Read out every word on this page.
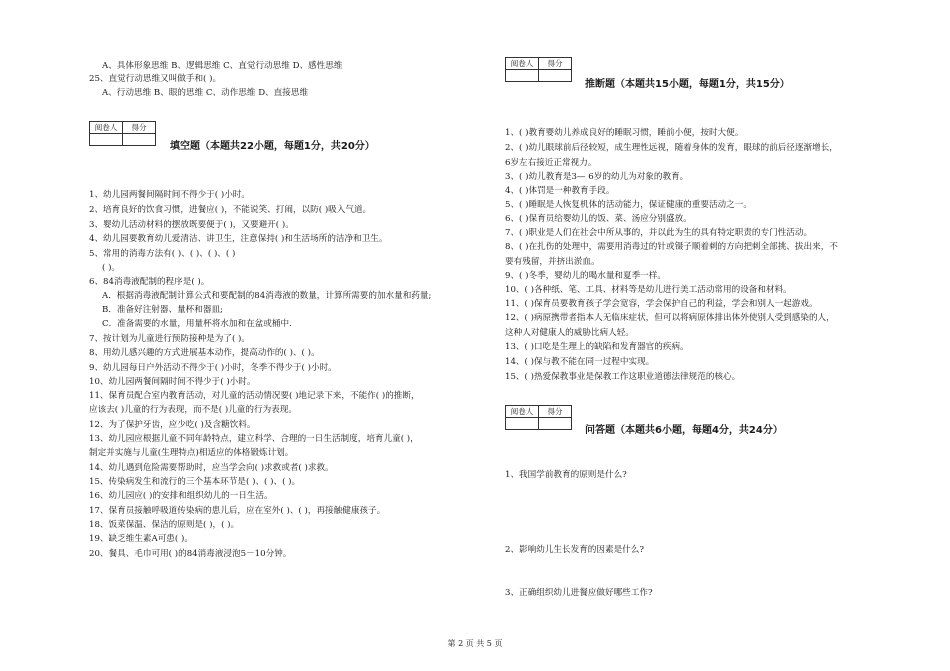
A、具体形象思维 B、逻辑思维 C、直觉行动思维 D、感性思维
25、直觉行动思维又叫做手和( )。
A、行动思维 B、眼的思维 C、动作思维 D、直接思维
阅卷人	得分

填空题（本题共22小题，每题1分，共20分）
1、幼儿园两餐间隔时间不得少于( )小时。
2、培育良好的饮食习惯，进餐应( )，不能说笑、打闹，以防( )吸入气道。
3、婴幼儿活动材料的摆放既要便于( )，又要避开( )。
4、幼儿园要教育幼儿爱清洁、讲卫生，注意保持( )和生活场所的洁净和卫生。
5、常用的消毒方法有( )、( )、( )、( )
( )。
6、84消毒液配制的程序是( )。
A．根据消毒液配制计算公式和要配制的84消毒液的数量，计算所需要的加水量和药量;
B．准备好注射器、量杯和器皿;
C．准备需要的水量，用量杯将水加和在盆或桶中.
7、按计划为儿童进行预防接种是为了( )。
8、用幼儿感兴趣的方式进展基本动作，提高动作的( )、( )。
9、幼儿园每日户外活动不得少于( )小时，冬季不得少于( )小时。
10、幼儿园两餐间隔时间不得少于( )小时。
11、保育员配合室内教育活动，对儿童的活动情况要( )地记录下来，不能作( )的推断，
应该去( )儿童的行为表现，而不是( )儿童的行为表现。
12、为了保护牙齿，应少吃( )及含糖饮料。
13、幼儿园应根据儿童不同年龄特点，建立科学、合理的一日生活制度，培育儿童( )，
制定并实施与儿童(生理特点)相适应的体格锻炼计划。
14、幼儿遇到危险需要帮助时，应当学会向( )求救或者( )求救。
15、传染病发生和流行的三个基本环节是( )、( )、( )。
16、幼儿园应( )的安排和组织幼儿的一日生活。
17、保育员接触呼吸道传染病的患儿后，应在室外( )、( )，再接触健康孩子。
18、饭菜保温、保洁的原则是( )，( )。
19、缺乏维生素A可患( )。
20、餐具、毛巾可用( )的84消毒液浸泡5－10分钟。
阅卷人	得分

推断题（本题共15小题，每题1分，共15分）
1、( )教育婴幼儿养成良好的睡眠习惯，睡前小便，按时大便。
2、( )幼儿眼球前后径较短，成生理性远视，随着身体的发育，眼球的前后径逐渐增长，
6岁左右接近正常视力。
3、( )幼儿教育是3— 6岁的幼儿为对象的教育。
4、( )体罚是一种教育手段。
5、( )睡眠是人恢复机体的活动能力，保证健康的重要活动之一。
6、( )保育员给婴幼儿的饭、菜、汤应分别盛放。
7、( )职业是人们在社会中所从事的，并以此为生的具有特定职责的专门性活动。
8、( )在扎伤的处理中，需要用消毒过的针或镊子顺着刺的方向把刺全部挑、拔出来，不
要有残留，并挤出淤血。
9、( )冬季，婴幼儿的喝水量和夏季一样。
10、( )各种纸、笔、工具、材料等是幼儿进行美工活动常用的设备和材料。
11、( )保育员要教育孩子学会宽容，学会保护自己的利益，学会和别人一起游戏。
12、( )病原携带者指本人无临床症状，但可以将病原体排出体外使别人受到感染的人，
这种人对健康人的威胁比病人轻。
13、( )口吃是生理上的缺陷和发育器官的疾病。
14、( )保与教不能在同一过程中实现。
15、( )热爱保教事业是保教工作这职业道德法律规范的核心。
阅卷人	得分

问答题（本题共6小题，每题4分，共24分）
1、我国学前教育的原则是什么?
2、影响幼儿生长发育的因素是什么?
3、正确组织幼儿进餐应做好哪些工作?
第 2 页 共 5 页
